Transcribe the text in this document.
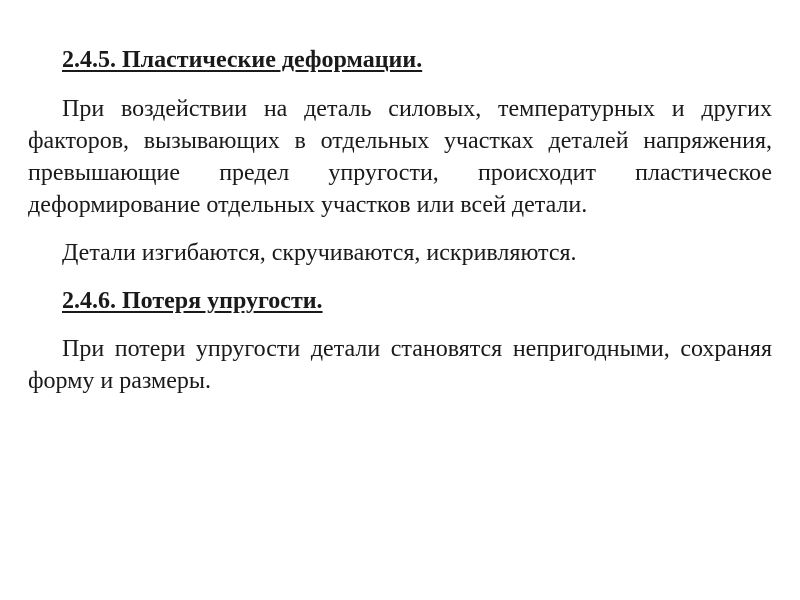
2.4.5. Пластические деформации.

При воздействии на деталь силовых, температурных и других факторов, вызывающих в отдельных участках деталей напряжения, превышающие предел упругости, происходит пластическое деформирование отдельных участков или всей детали.

Детали изгибаются, скручиваются, искривляются.

2.4.6. Потеря упругости.

При потери упругости детали становятся непригодными, сохраняя форму и размеры.
